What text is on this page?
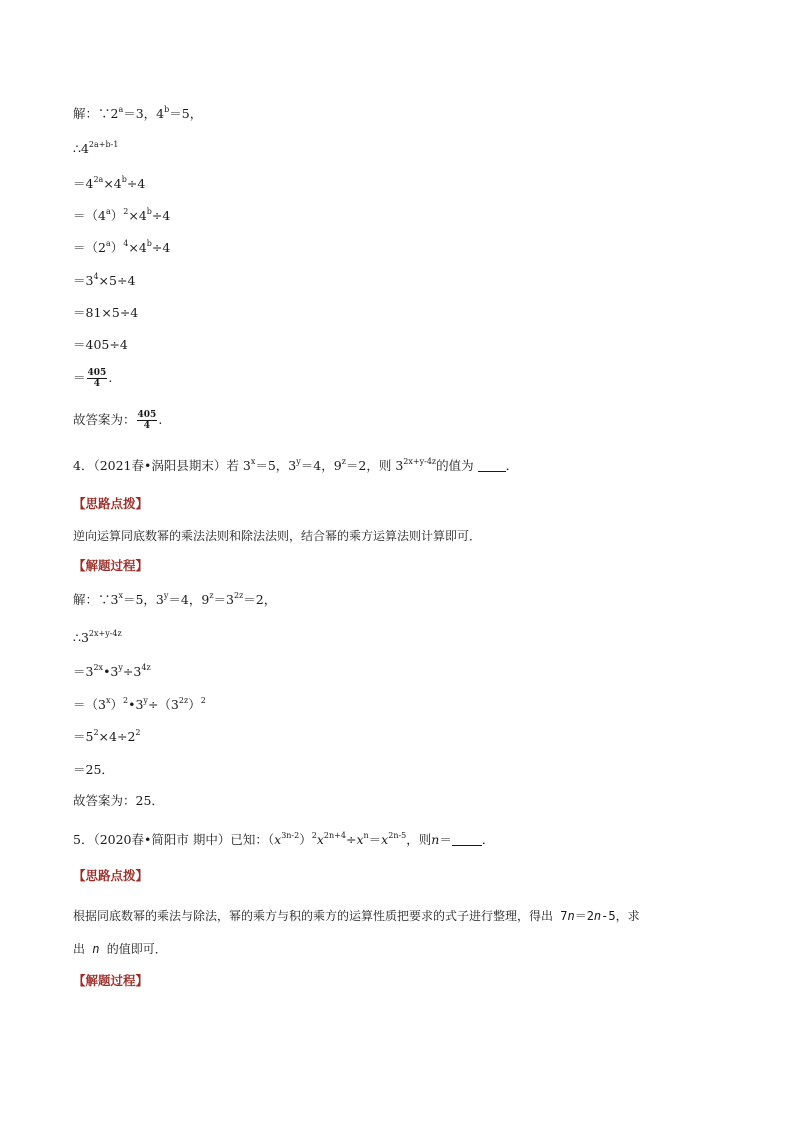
解：$\because 2^a=3$，$4^b=5$，
$\therefore 4^{2a+b-1}$
$=4^{2a}\times 4^b\div 4$
$=(4^a)^2\times 4^b\div 4$
$=(2^a)^4\times 4^b\div 4$
$=3^4\times 5\div 4$
＝81×5÷4
＝405÷4
＝ $\frac{405}{4}$ .
故答案为： $\frac{405}{4}$ .
4．（2021春•涡阳县期末）若 $3^x=5$，$3^y=4$，$9^z=2$，则 $3^{2x+y-4z}$的值为	．
【思路点拨】
逆向运算同底数幂的乘法法则和除法法则，结合幂的乘方运算法则计算即可．
【解题过程】
解：$\because 3^x=5$，$3^y=4$，$9^z=3^{2z}=2$，
$\therefore 3^{2x+y-4z}$
$=3^{2x}•3^y\div 3^{4z}$
$=(3^x)^2•3^y\div(3^{2z})^2$
$=5^2\times 4\div 2^2$
＝25．
故答案为：25．
5．（2020春•简阳市 期中）已知：$(x^{3n-2})^2x^{2n+4}\div x^n=x^{2n-5}$，则n＝ ．
【思路点拨】
根据同底数幂的乘法与除法，幂的乘方与积的乘方的运算性质把要求的式子进行整理，得出 7n＝2n-5，求
出 n 的值即可．
【解题过程】
